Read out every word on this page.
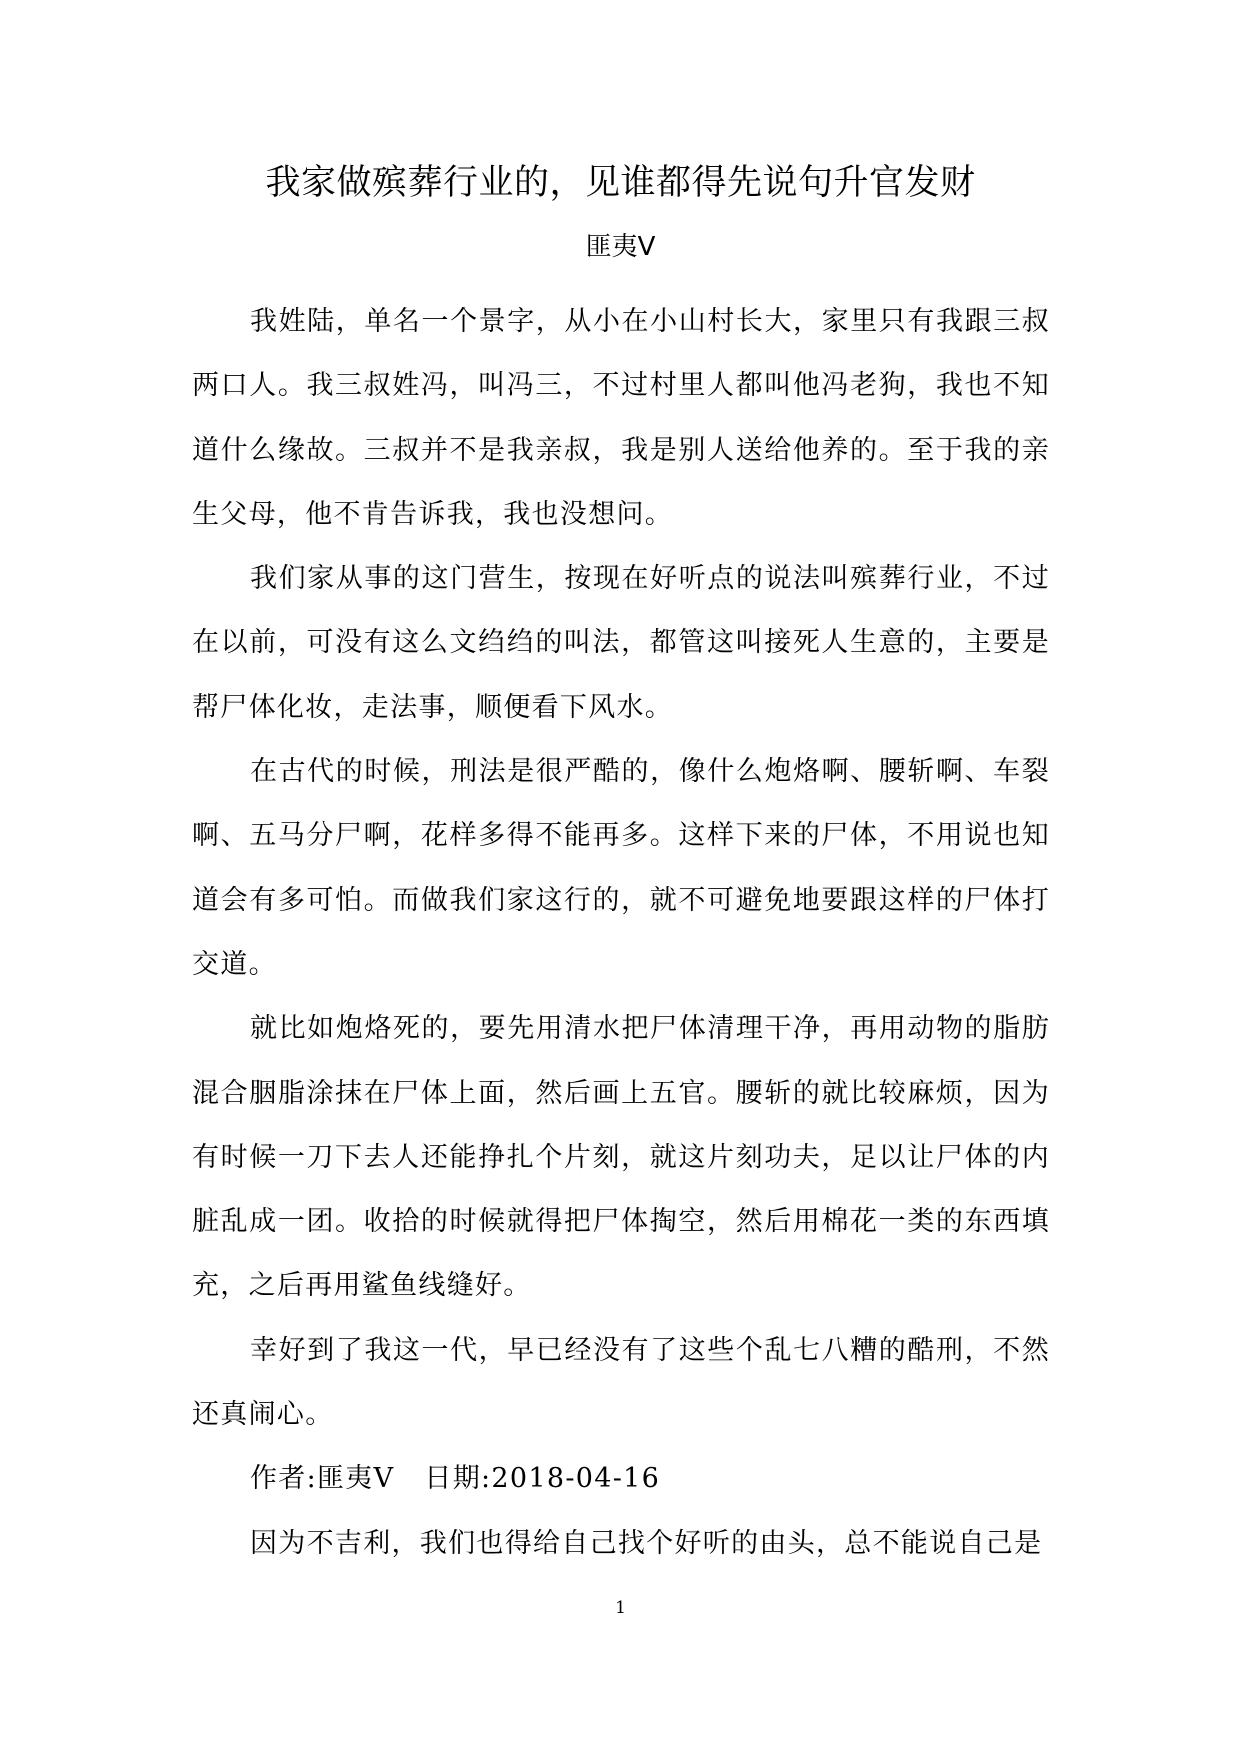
我家做殡葬行业的，见谁都得先说句升官发财
匪夷Ⅴ

我姓陆，单名一个景字，从小在小山村长大，家里只有我跟三叔两口人。我三叔姓冯，叫冯三，不过村里人都叫他冯老狗，我也不知道什么缘故。三叔并不是我亲叔，我是别人送给他养的。至于我的亲生父母，他不肯告诉我，我也没想问。

我们家从事的这门营生，按现在好听点的说法叫殡葬行业，不过在以前，可没有这么文绉绉的叫法，都管这叫接死人生意的，主要是帮尸体化妆，走法事，顺便看下风水。

在古代的时候，刑法是很严酷的，像什么炮烙啊、腰斩啊、车裂啊、五马分尸啊，花样多得不能再多。这样下来的尸体，不用说也知道会有多可怕。而做我们家这行的，就不可避免地要跟这样的尸体打交道。

就比如炮烙死的，要先用清水把尸体清理干净，再用动物的脂肪混合胭脂涂抹在尸体上面，然后画上五官。腰斩的就比较麻烦，因为有时候一刀下去人还能挣扎个片刻，就这片刻功夫，足以让尸体的内脏乱成一团。收拾的时候就得把尸体掏空，然后用棉花一类的东西填充，之后再用鲨鱼线缝好。

幸好到了我这一代，早已经没有了这些个乱七八糟的酷刑，不然还真闹心。

作者:匪夷Ⅴ 日期:2018-04-16

因为不吉利，我们也得给自己找个好听的由头，总不能说自己是

1
